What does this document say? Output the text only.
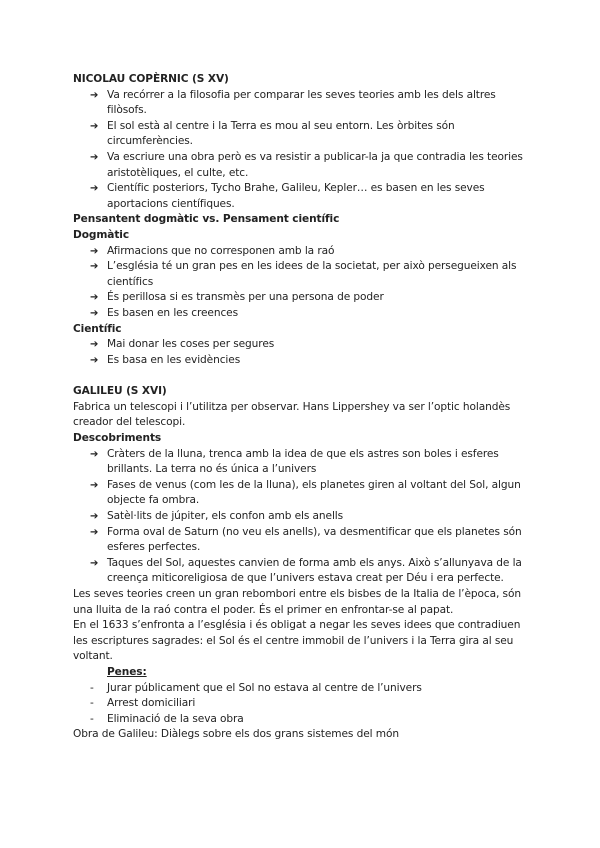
NICOLAU COPÈRNIC (S XV)

➔ Va recórrer a la filosofia per comparar les seves teories amb les dels altres filòsofs.
➔ El sol està al centre i la Terra es mou al seu entorn. Les òrbites són circumferències.
➔ Va escriure una obra però es va resistir a publicar-la ja que contradia les teories aristotèliques, el culte, etc.
➔ Científic posteriors, Tycho Brahe, Galileu, Kepler… es basen en les seves aportacions científiques.

Pensantent dogmàtic vs. Pensament científic

Dogmàtic

➔ Afirmacions que no corresponen amb la raó
➔ L’església té un gran pes en les idees de la societat, per això persegueixen als científics
➔ És perillosa si es transmès per una persona de poder
➔ Es basen en les creences

Científic

➔ Mai donar les coses per segures
➔ Es basa en les evidències

GALILEU (S XVI)

Fabrica un telescopi i l’utilitza per observar. Hans Lippershey va ser l’optic holandès creador del telescopi.

Descobriments

➔ Cràters de la lluna, trenca amb la idea de que els astres son boles i esferes brillants. La terra no és única a l’univers
➔ Fases de venus (com les de la lluna), els planetes giren al voltant del Sol, algun objecte fa ombra.
➔ Satèl·lits de júpiter, els confon amb els anells
➔ Forma oval de Saturn (no veu els anells), va desmentificar que els planetes són esferes perfectes.
➔ Taques del Sol, aquestes canvien de forma amb els anys. Això s’allunyava de la creença miticoreligiosa de que l’univers estava creat per Déu i era perfecte.

Les seves teories creen un gran rebombori entre els bisbes de la Italia de l’època, són una lluita de la raó contra el poder. És el primer en enfrontar-se al papat.

En el 1633 s’enfronta a l’església i és obligat a negar les seves idees que contradiuen les escriptures sagrades: el Sol és el centre immobil de l’univers i la Terra gira al seu voltant.

Penes:

- Jurar públicament que el Sol no estava al centre de l’univers
- Arrest domiciliari
- Eliminació de la seva obra

Obra de Galileu: Diàlegs sobre els dos grans sistemes del món
